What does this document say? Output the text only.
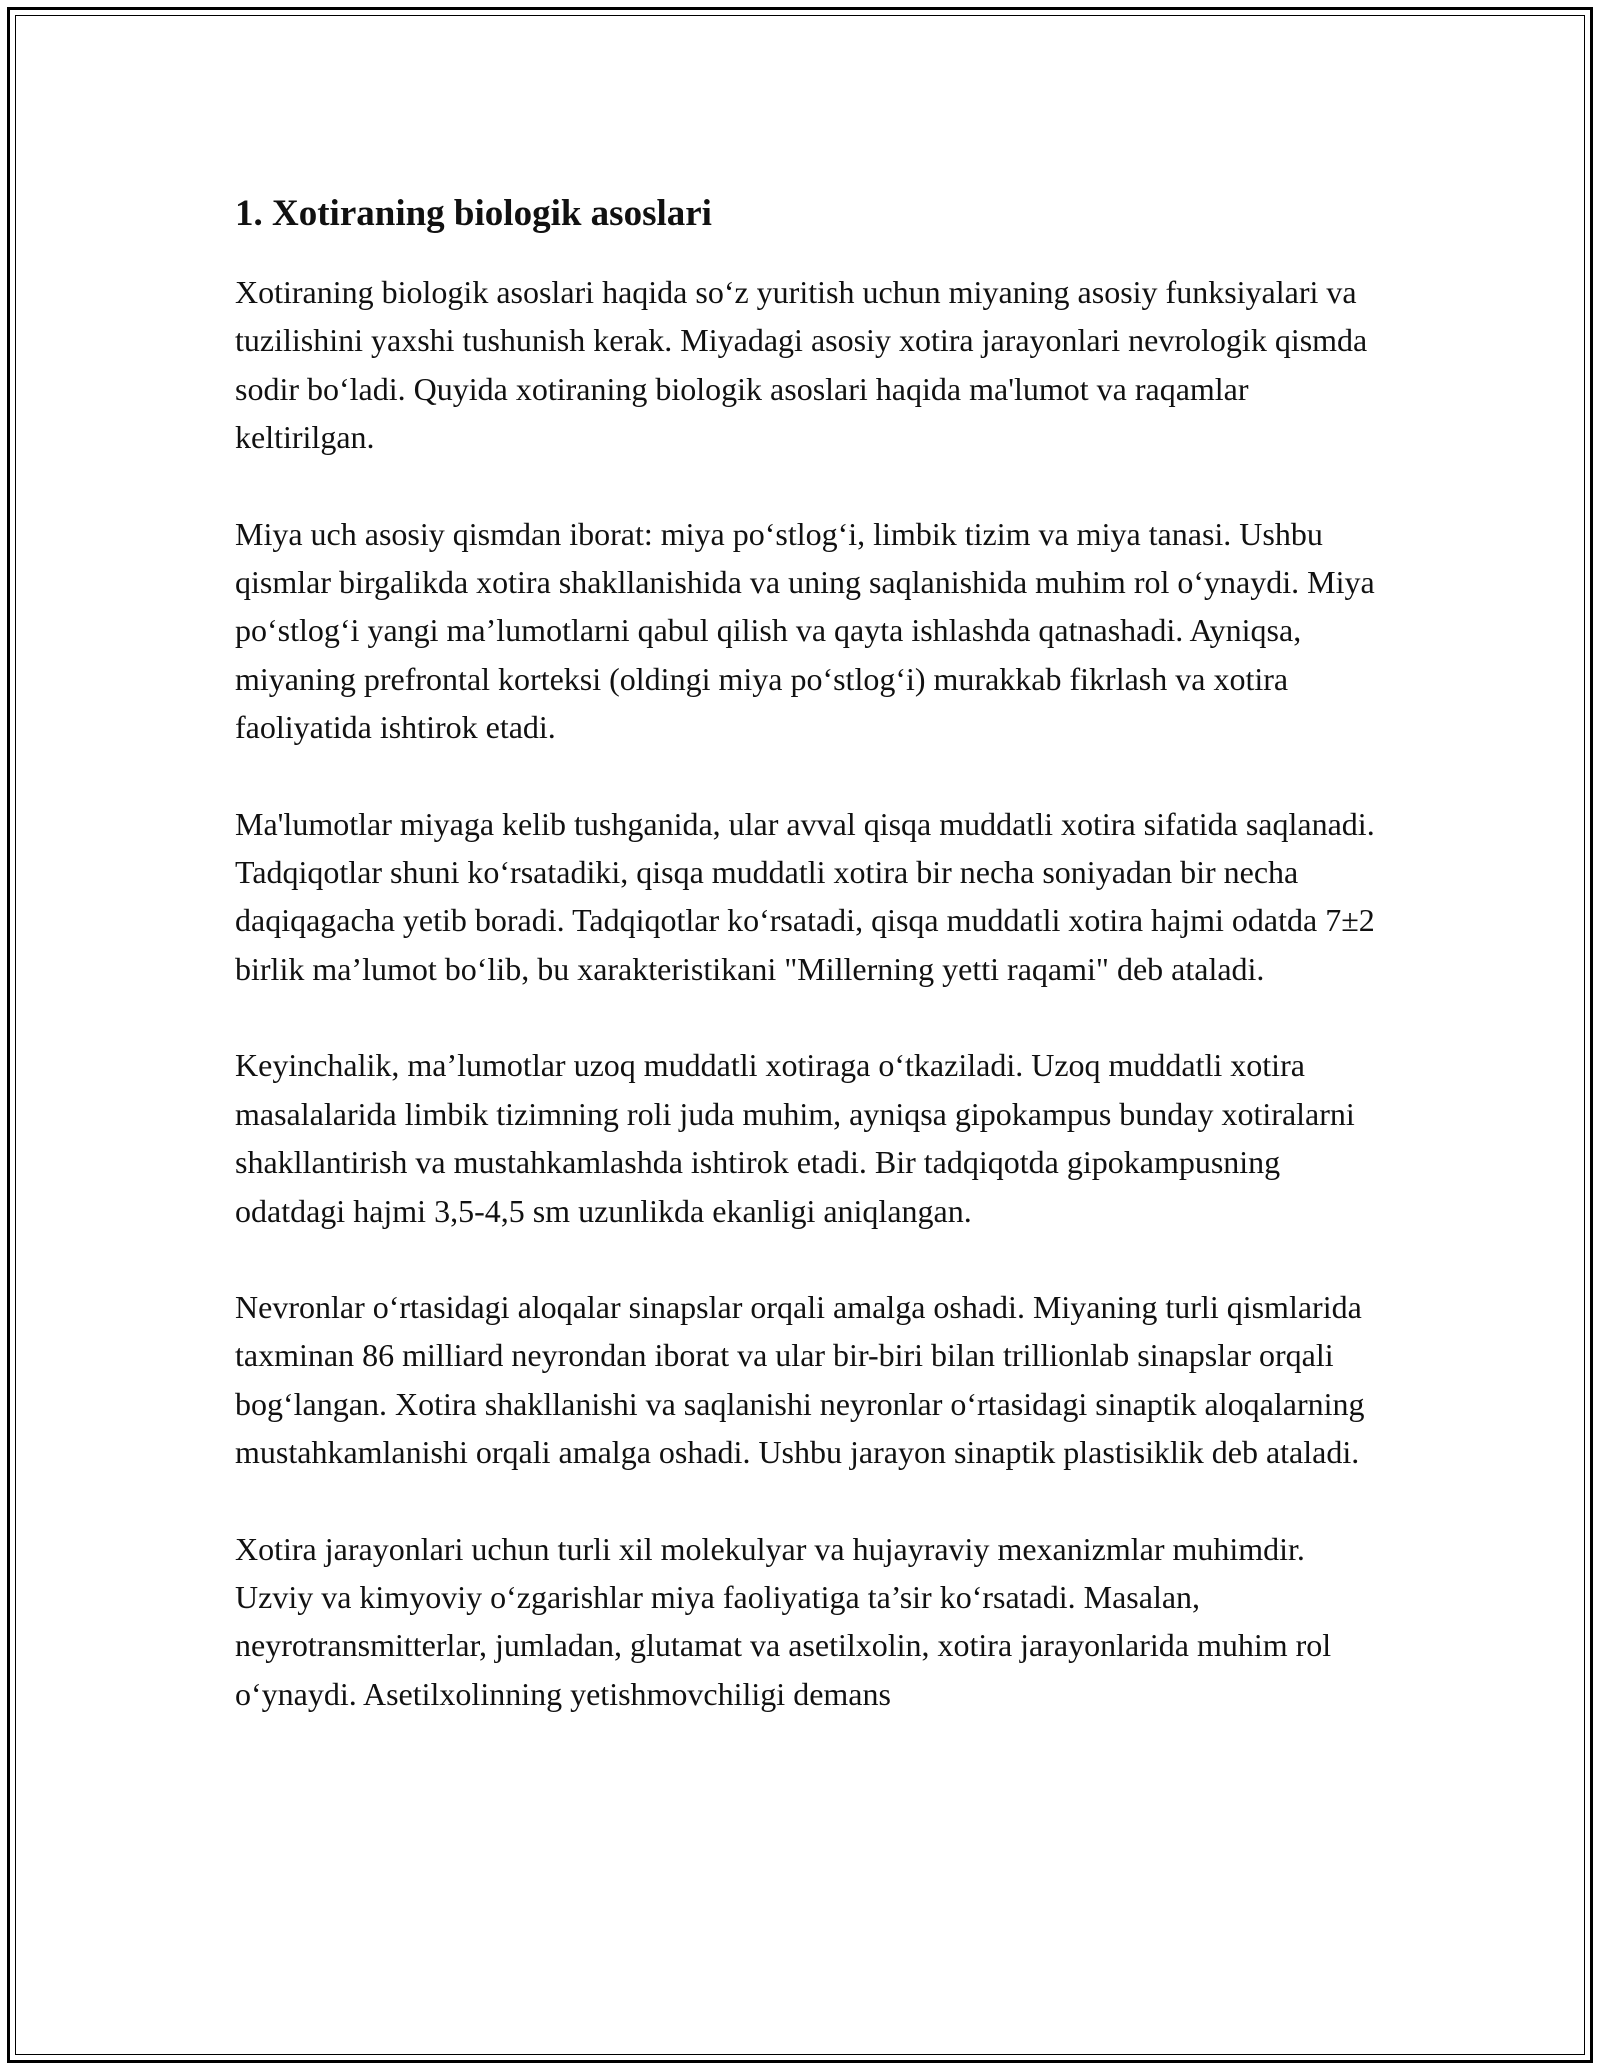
1. Xotiraning biologik asoslari

Xotiraning biologik asoslari haqida so‘z yuritish uchun miyaning asosiy funksiyalari va tuzilishini yaxshi tushunish kerak. Miyadagi asosiy xotira jarayonlari nevrologik qismda sodir bo‘ladi. Quyida xotiraning biologik asoslari haqida ma'lumot va raqamlar keltirilgan.

Miya uch asosiy qismdan iborat: miya po‘stlog‘i, limbik tizim va miya tanasi. Ushbu qismlar birgalikda xotira shakllanishida va uning saqlanishida muhim rol o‘ynaydi. Miya po‘stlog‘i yangi ma’lumotlarni qabul qilish va qayta ishlashda qatnashadi. Ayniqsa, miyaning prefrontal korteksi (oldingi miya po‘stlog‘i) murakkab fikrlash va xotira faoliyatida ishtirok etadi.

Ma'lumotlar miyaga kelib tushganida, ular avval qisqa muddatli xotira sifatida saqlanadi. Tadqiqotlar shuni ko‘rsatadiki, qisqa muddatli xotira bir necha soniyadan bir necha daqiqagacha yetib boradi. Tadqiqotlar ko‘rsatadi, qisqa muddatli xotira hajmi odatda 7±2 birlik ma’lumot bo‘lib, bu xarakteristikani "Millerning yetti raqami" deb ataladi.

Keyinchalik, ma’lumotlar uzoq muddatli xotiraga o‘tkaziladi. Uzoq muddatli xotira masalalarida limbik tizimning roli juda muhim, ayniqsa gipokampus bunday xotiralarni shakllantirish va mustahkamlashda ishtirok etadi. Bir tadqiqotda gipokampusning odatdagi hajmi 3,5-4,5 sm uzunlikda ekanligi aniqlangan.

Nevronlar o‘rtasidagi aloqalar sinapslar orqali amalga oshadi. Miyaning turli qismlarida taxminan 86 milliard neyrondan iborat va ular bir-biri bilan trillionlab sinapslar orqali bog‘langan. Xotira shakllanishi va saqlanishi neyronlar o‘rtasidagi sinaptik aloqalarning mustahkamlanishi orqali amalga oshadi. Ushbu jarayon sinaptik plastisiklik deb ataladi.

Xotira jarayonlari uchun turli xil molekulyar va hujayraviy mexanizmlar muhimdir. Uzviy va kimyoviy o‘zgarishlar miya faoliyatiga ta’sir ko‘rsatadi. Masalan, neyrotransmitterlar, jumladan, glutamat va asetilxolin, xotira jarayonlarida muhim rol o‘ynaydi. Asetilxolinning yetishmovchiligi demans
